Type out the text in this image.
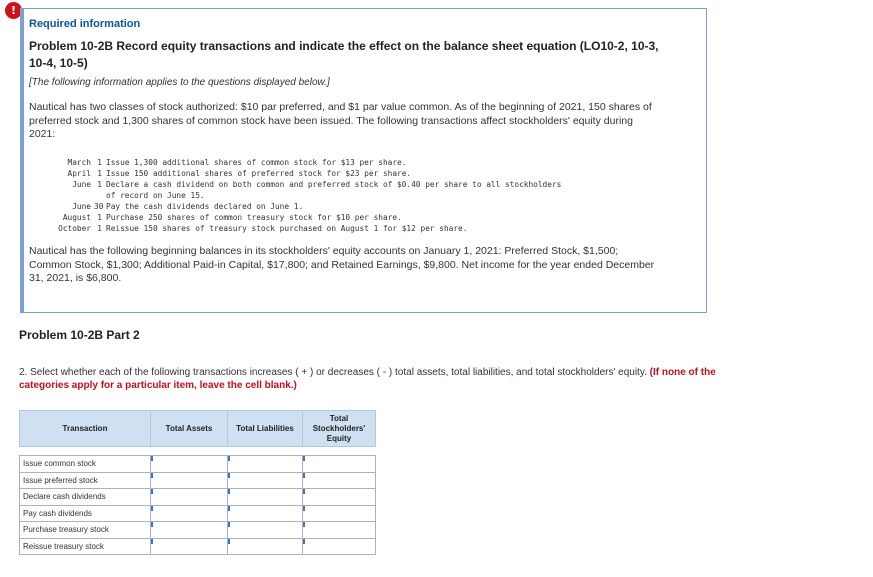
!
Required information
Problem 10-2B Record equity transactions and indicate the effect on the balance sheet equation (LO10-2, 10-3, 10-4, 10-5)
[The following information applies to the questions displayed below.]
Nautical has two classes of stock authorized: $10 par preferred, and $1 par value common. As of the beginning of 2021, 150 shares of preferred stock and 1,300 shares of common stock have been issued. The following transactions affect stockholders' equity during 2021:
March 1 Issue 1,300 additional shares of common stock for $13 per share.
April 1 Issue 150 additional shares of preferred stock for $23 per share.
June 1 Declare a cash dividend on both common and preferred stock of $0.40 per share to all stockholders
of record on June 15.
June 30 Pay the cash dividends declared on June 1.
August 1 Purchase 250 shares of common treasury stock for $10 per share.
October 1 Reissue 150 shares of treasury stock purchased on August 1 for $12 per share.
Nautical has the following beginning balances in its stockholders' equity accounts on January 1, 2021: Preferred Stock, $1,500; Common Stock, $1,300; Additional Paid-in Capital, $17,800; and Retained Earnings, $9,800. Net income for the year ended December 31, 2021, is $6,800.
Problem 10-2B Part 2
2. Select whether each of the following transactions increases ( + ) or decreases ( - ) total assets, total liabilities, and total stockholders' equity. (If none of the categories apply for a particular item, leave the cell blank.)
Transaction	Total Assets	Total Liabilities	Total Stockholders' Equity

Issue common stock	

Issue preferred stock	

Declare cash dividends	

Pay cash dividends	

Purchase treasury stock	

Reissue treasury stock	
